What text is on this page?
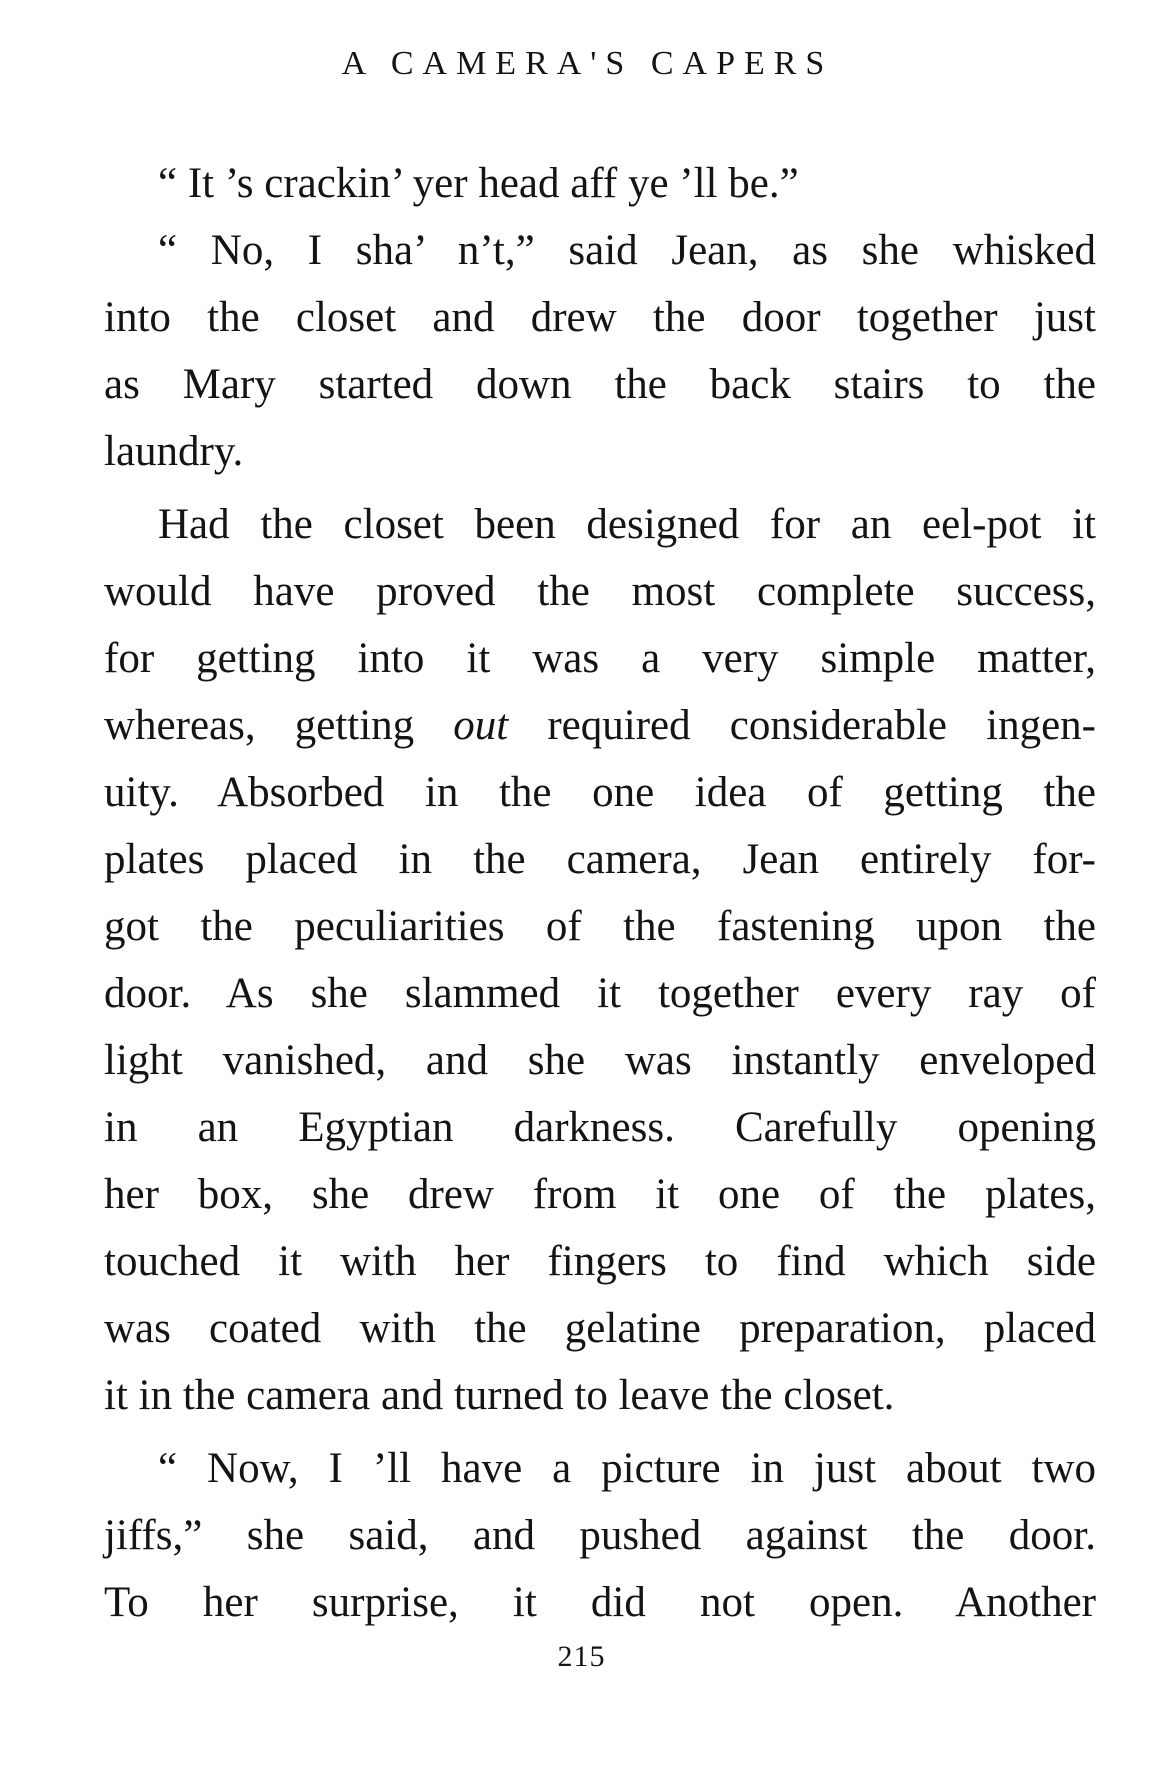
A CAMERA'S CAPERS
“ It ’s crackin’ yer head aff ye ’ll be.”
“ No, I sha’ n’t,” said Jean, as she whisked
into the closet and drew the door together just
as Mary started down the back stairs to the
laundry.
Had the closet been designed for an eel-pot it
would have proved the most complete success,
for getting into it was a very simple matter,
whereas, getting out required considerable ingen-
uity. Absorbed in the one idea of getting the
plates placed in the camera, Jean entirely for-
got the peculiarities of the fastening upon the
door. As she slammed it together every ray of
light vanished, and she was instantly enveloped
in an Egyptian darkness. Carefully opening
her box, she drew from it one of the plates,
touched it with her fingers to find which side
was coated with the gelatine preparation, placed
it in the camera and turned to leave the closet.
“ Now, I ’ll have a picture in just about two
jiffs,” she said, and pushed against the door.
To her surprise, it did not open. Another
215
